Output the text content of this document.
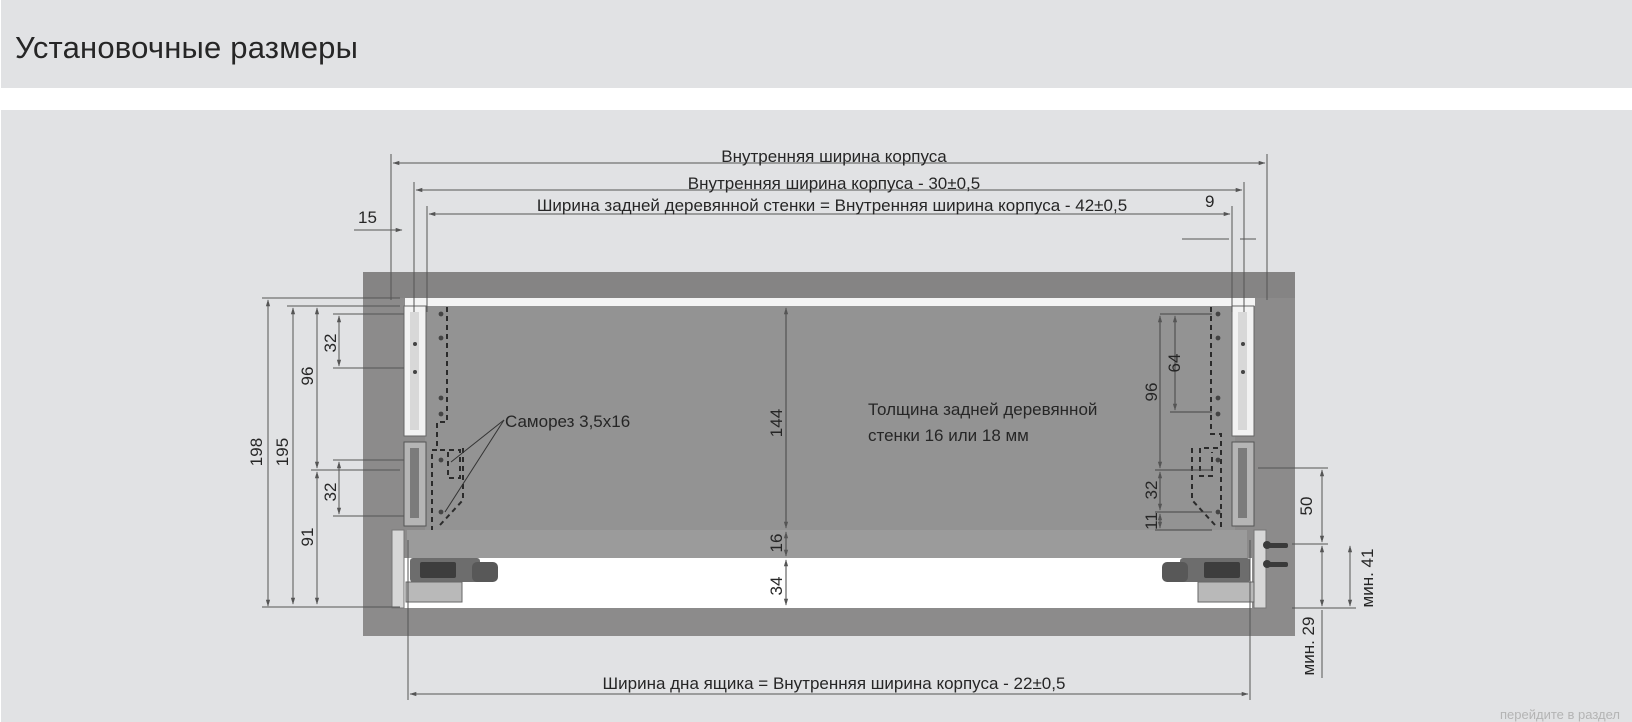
Установочные размеры
Внутренняя ширина корпуса
Внутренняя ширина корпуса - 30±0,5
Ширина задней деревянной стенки = Внутренняя ширина корпуса - 42±0,5
Ширина дна ящика = Внутренняя ширина корпуса - 22±0,5
Саморез 3,5х16
Толщина задней деревянной
стенки 16 или 18 мм
15
9
198 195
96
91
32
32
144
16
34
64
96
32
11
50
мин. 41
мин. 29
перейдите в раздел
